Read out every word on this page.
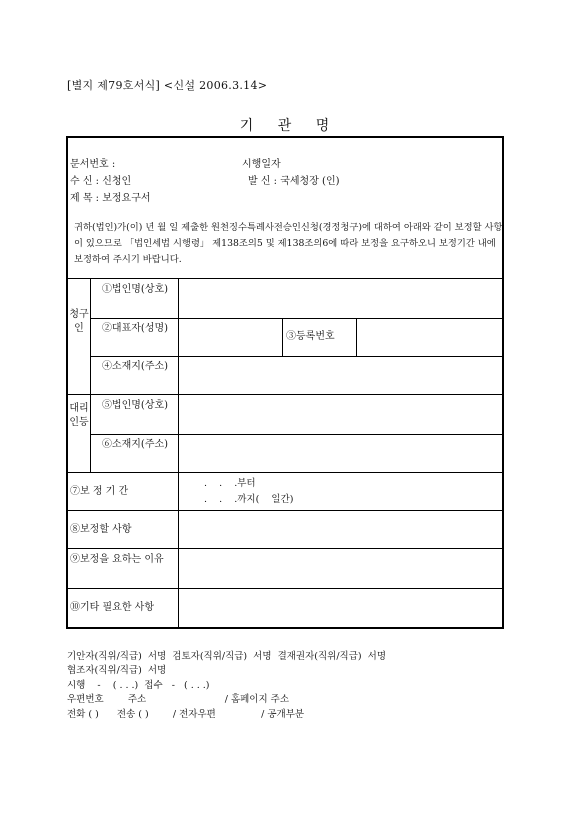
[별지 제79호서식] <신설 2006.3.14>
기 관 명
문서번호 :	시행일자
수 신 : 신청인	발 신 : 국세청장 (인)
제 목 : 보정요구서
귀하(법인)가(이) 년 월 일 제출한 원천징수특례사전승인신청(경정청구)에 대하여 아래와 같이 보정할 사항이 있으므로 「법인세법 시행령」 제138조의5 및 제138조의6에 따라 보정을 요구하오니 보정기간 내에 보정하여 주시기 바랍니다.
청구인
대리인등
①법인명(상호)
②대표자(성명)
③등록번호
④소재지(주소)
⑤법인명(상호)
⑥소재지(주소)
⑦보 정 기 간
.    .    .부터
.    .    .까지(    일간)
⑧보정할 사항
⑨보정을 요하는 이유
⑩기타 필요한 사항
기안자(직위/직급)  서명  검토자(직위/직급)  서명  결재권자(직위/직급)  서명
협조자(직위/직급)  서명
시행    -    ( . . .)  접수   -   ( . . .)
우편번호        주소                          / 홈페이지 주소
전화 ( )      전송 ( )        / 전자우편               / 공개부분
